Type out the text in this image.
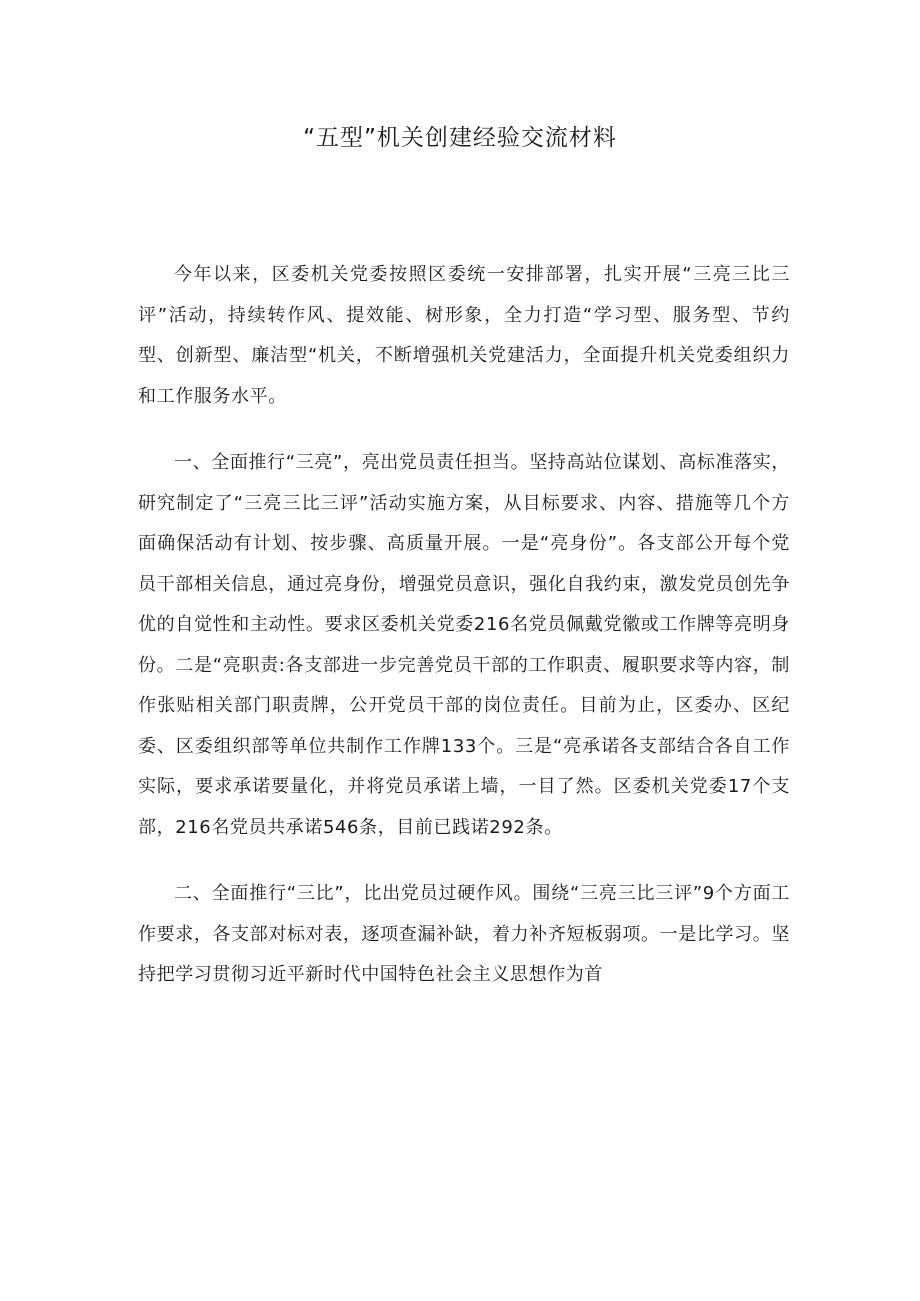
“五型”机关创建经验交流材料

今年以来，区委机关党委按照区委统一安排部署，扎实开展“三亮三比三评”活动，持续转作风、提效能、树形象，全力打造“学习型、服务型、节约型、创新型、廉洁型“机关，不断增强机关党建活力，全面提升机关党委组织力和工作服务水平。

一、全面推行“三亮”，亮出党员责任担当。坚持高站位谋划、高标准落实，研究制定了“三亮三比三评”活动实施方案，从目标要求、内容、措施等几个方面确保活动有计划、按步骤、高质量开展。一是“亮身份”。各支部公开每个党员干部相关信息，通过亮身份，增强党员意识，强化自我约束，激发党员创先争优的自觉性和主动性。要求区委机关党委216名党员佩戴党徽或工作牌等亮明身份。二是“亮职责:各支部进一步完善党员干部的工作职责、履职要求等内容，制作张贴相关部门职责牌，公开党员干部的岗位责任。目前为止，区委办、区纪委、区委组织部等单位共制作工作牌133个。三是“亮承诺各支部结合各自工作实际，要求承诺要量化，并将党员承诺上墙，一目了然。区委机关党委17个支部，216名党员共承诺546条，目前已践诺292条。

二、全面推行“三比”，比出党员过硬作风。围绕“三亮三比三评”9个方面工作要求，各支部对标对表，逐项查漏补缺，着力补齐短板弱项。一是比学习。坚持把学习贯彻习近平新时代中国特色社会主义思想作为首
